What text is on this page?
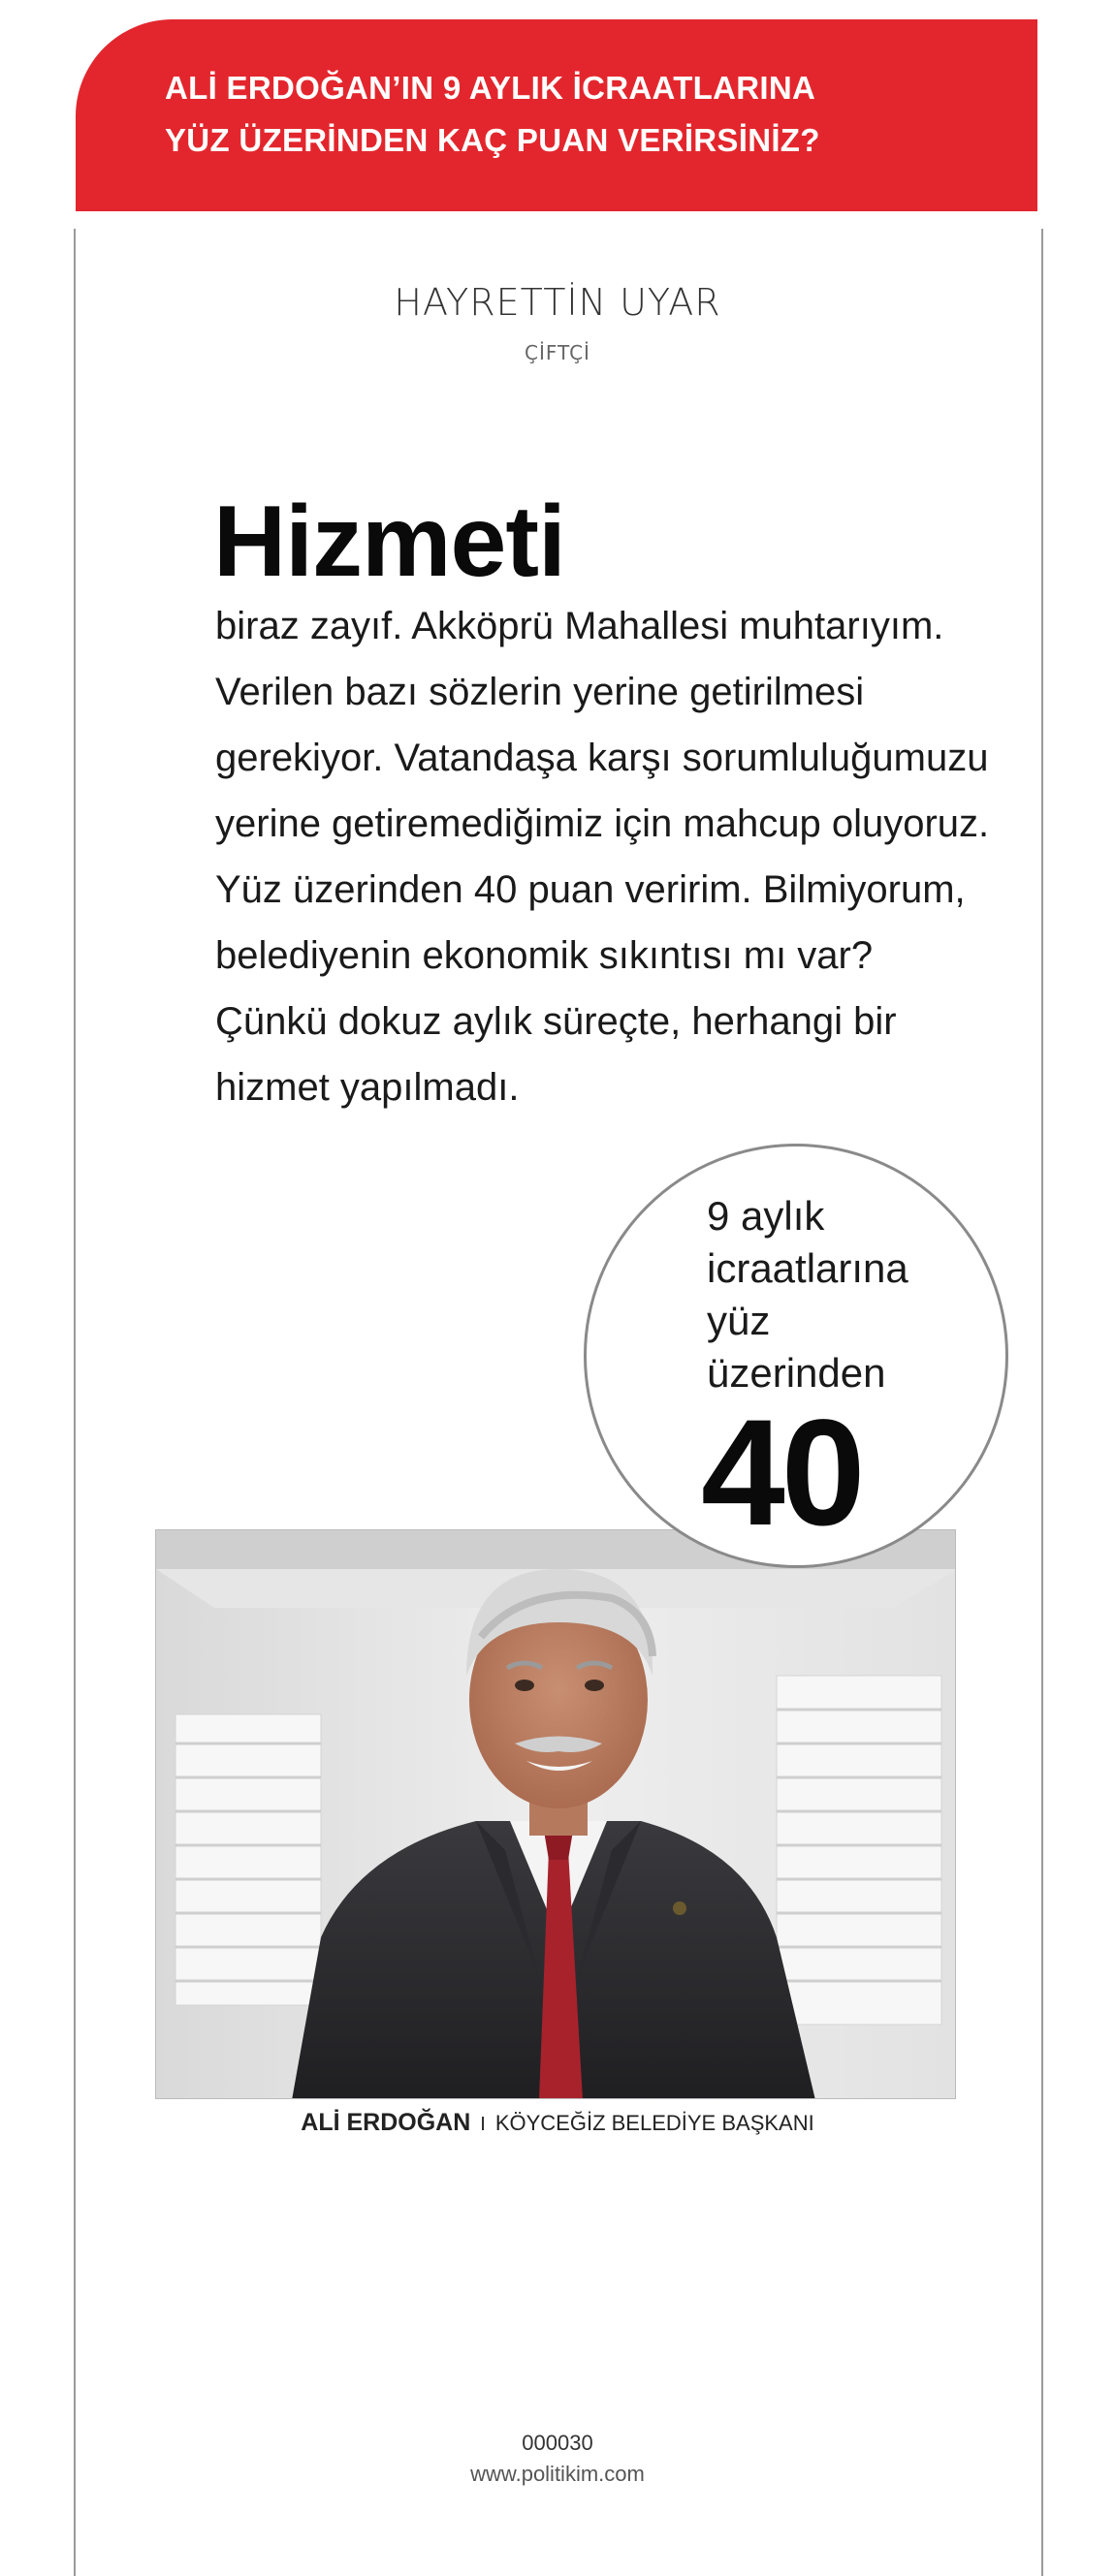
ALİ ERDOĞAN’IN 9 AYLIK İCRAATLARINA
YÜZ ÜZERİNDEN KAÇ PUAN VERİRSİNİZ?
HAYRETTİN UYAR
ÇİFTÇİ
Hizmeti
biraz zayıf. Akköprü Mahallesi muhtarıyım.
Verilen bazı sözlerin yerine getirilmesi
gerekiyor. Vatandaşa karşı sorumluluğumuzu
yerine getiremediğimiz için mahcup oluyoruz.
Yüz üzerinden 40 puan veririm. Bilmiyorum,
belediyenin ekonomik sıkıntısı mı var?
Çünkü dokuz aylık süreçte, herhangi bir
hizmet yapılmadı.
9 aylık
icraatlarına
yüz
üzerinden
40
ALİ ERDOĞAN I KÖYCEĞİZ BELEDİYE BAŞKANI
000030
www.politikim.com
